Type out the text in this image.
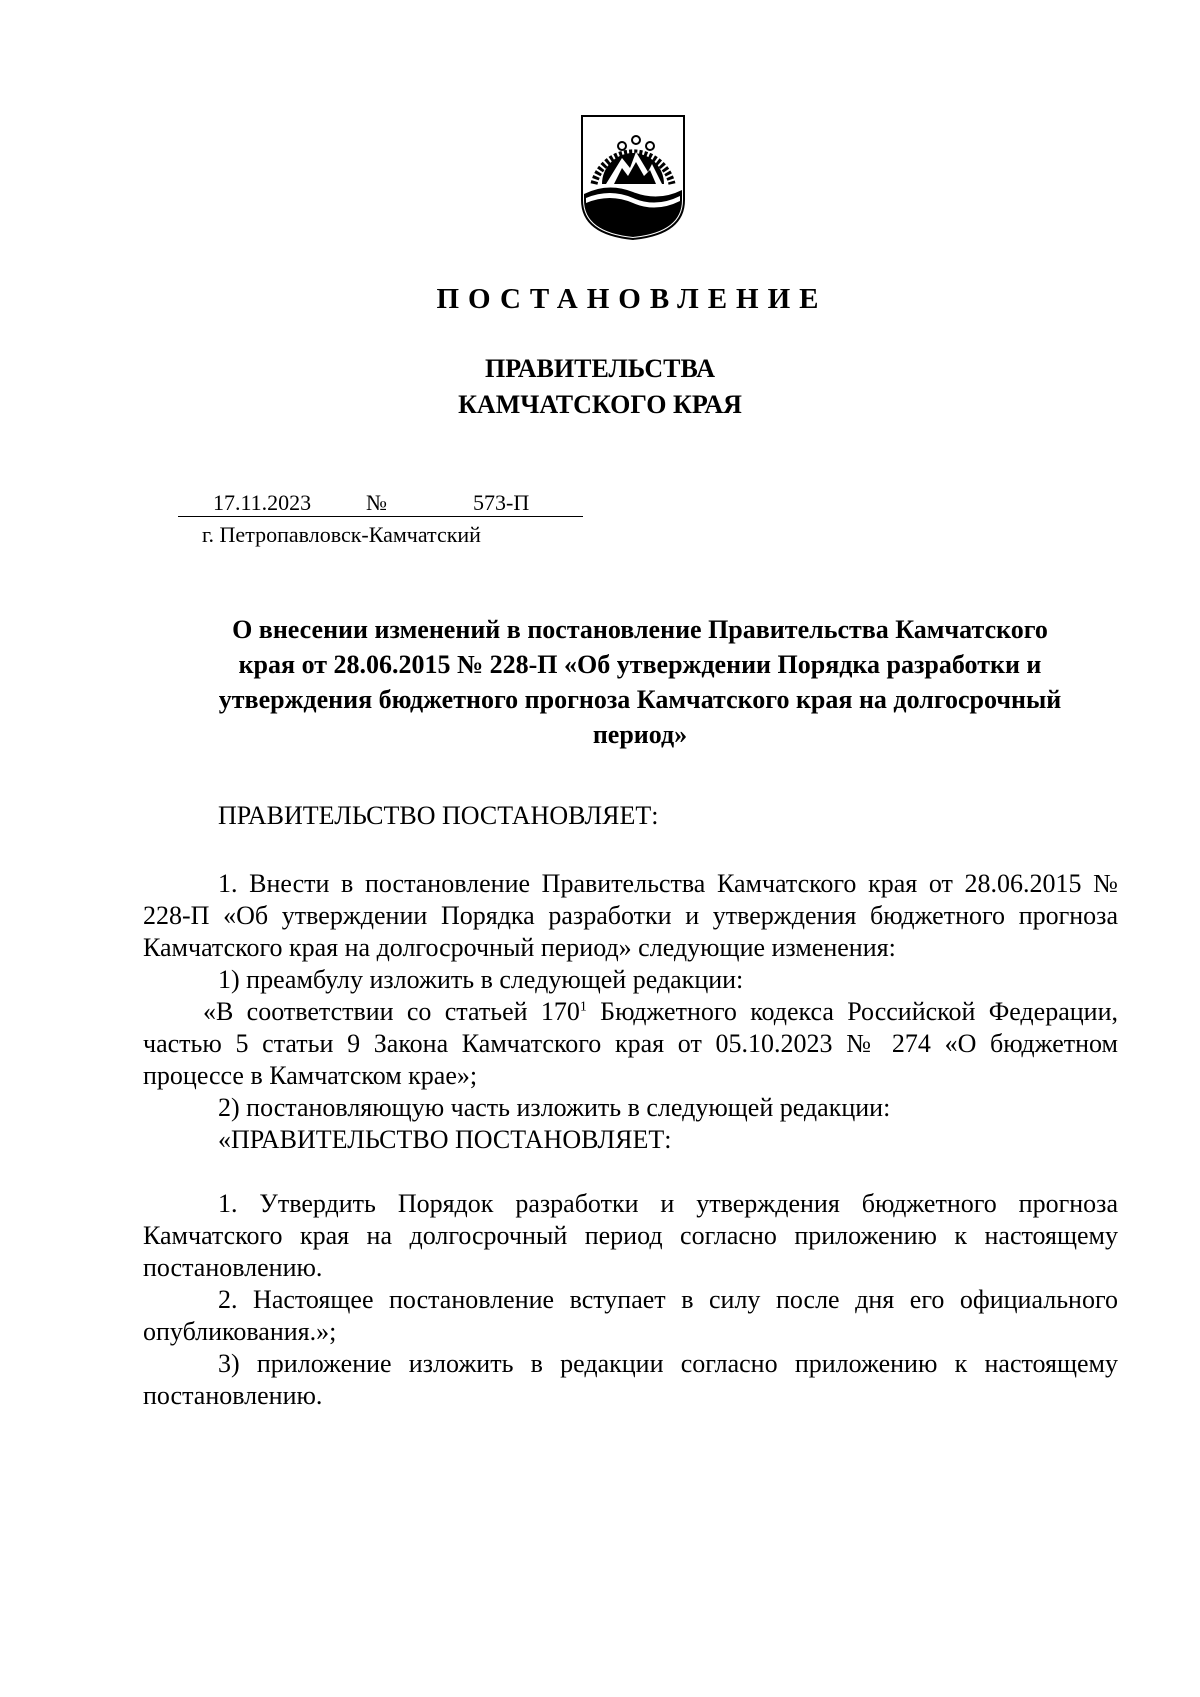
ПОСТАНОВЛЕНИЕ
ПРАВИТЕЛЬСТВА
КАМЧАТСКОГО КРАЯ
17.11.2023 №	573-П
г. Петропавловск-Камчатский
О внесении изменений в постановление Правительства Камчатского
края от 28.06.2015 № 228-П «Об утверждении Порядка разработки и
утверждения бюджетного прогноза Камчатского края на долгосрочный
период»
ПРАВИТЕЛЬСТВО ПОСТАНОВЛЯЕТ:

1. Внести в постановление Правительства Камчатского края от 28.06.2015 № 228-П «Об утверждении Порядка разработки и утверждения бюджетного прогноза Камчатского края на долгосрочный период» следующие изменения:

1) преамбулу изложить в следующей редакции:

«В соответствии со статьей $170^1$ Бюджетного кодекса Российской Федерации, частью 5 статьи 9 Закона Камчатского края от 05.10.2023 № 274 «О бюджетном процессе в Камчатском крае»;

2) постановляющую часть изложить в следующей редакции:

«ПРАВИТЕЛЬСТВО ПОСТАНОВЛЯЕТ:

1. Утвердить Порядок разработки и утверждения бюджетного прогноза Камчатского края на долгосрочный период согласно приложению к настоящему постановлению.

2. Настоящее постановление вступает в силу после дня его официального опубликования.»;

3) приложение изложить в редакции согласно приложению к настоящему постановлению.
